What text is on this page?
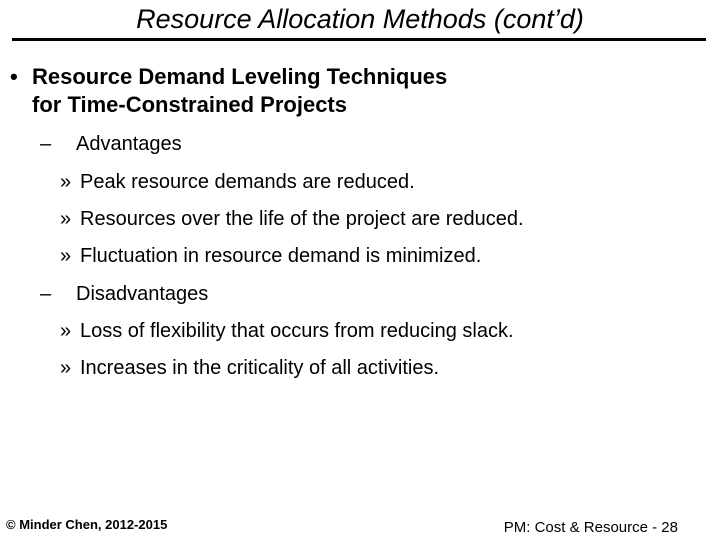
Resource Allocation Methods (cont’d)
• Resource Demand Leveling Techniques
for Time-Constrained Projects
– Advantages
» Peak resource demands are reduced.
» Resources over the life of the project are reduced.
» Fluctuation in resource demand is minimized.
– Disadvantages
» Loss of flexibility that occurs from reducing slack.
» Increases in the criticality of all activities.
© Minder Chen, 2012-2015	PM: Cost & Resource - 28
